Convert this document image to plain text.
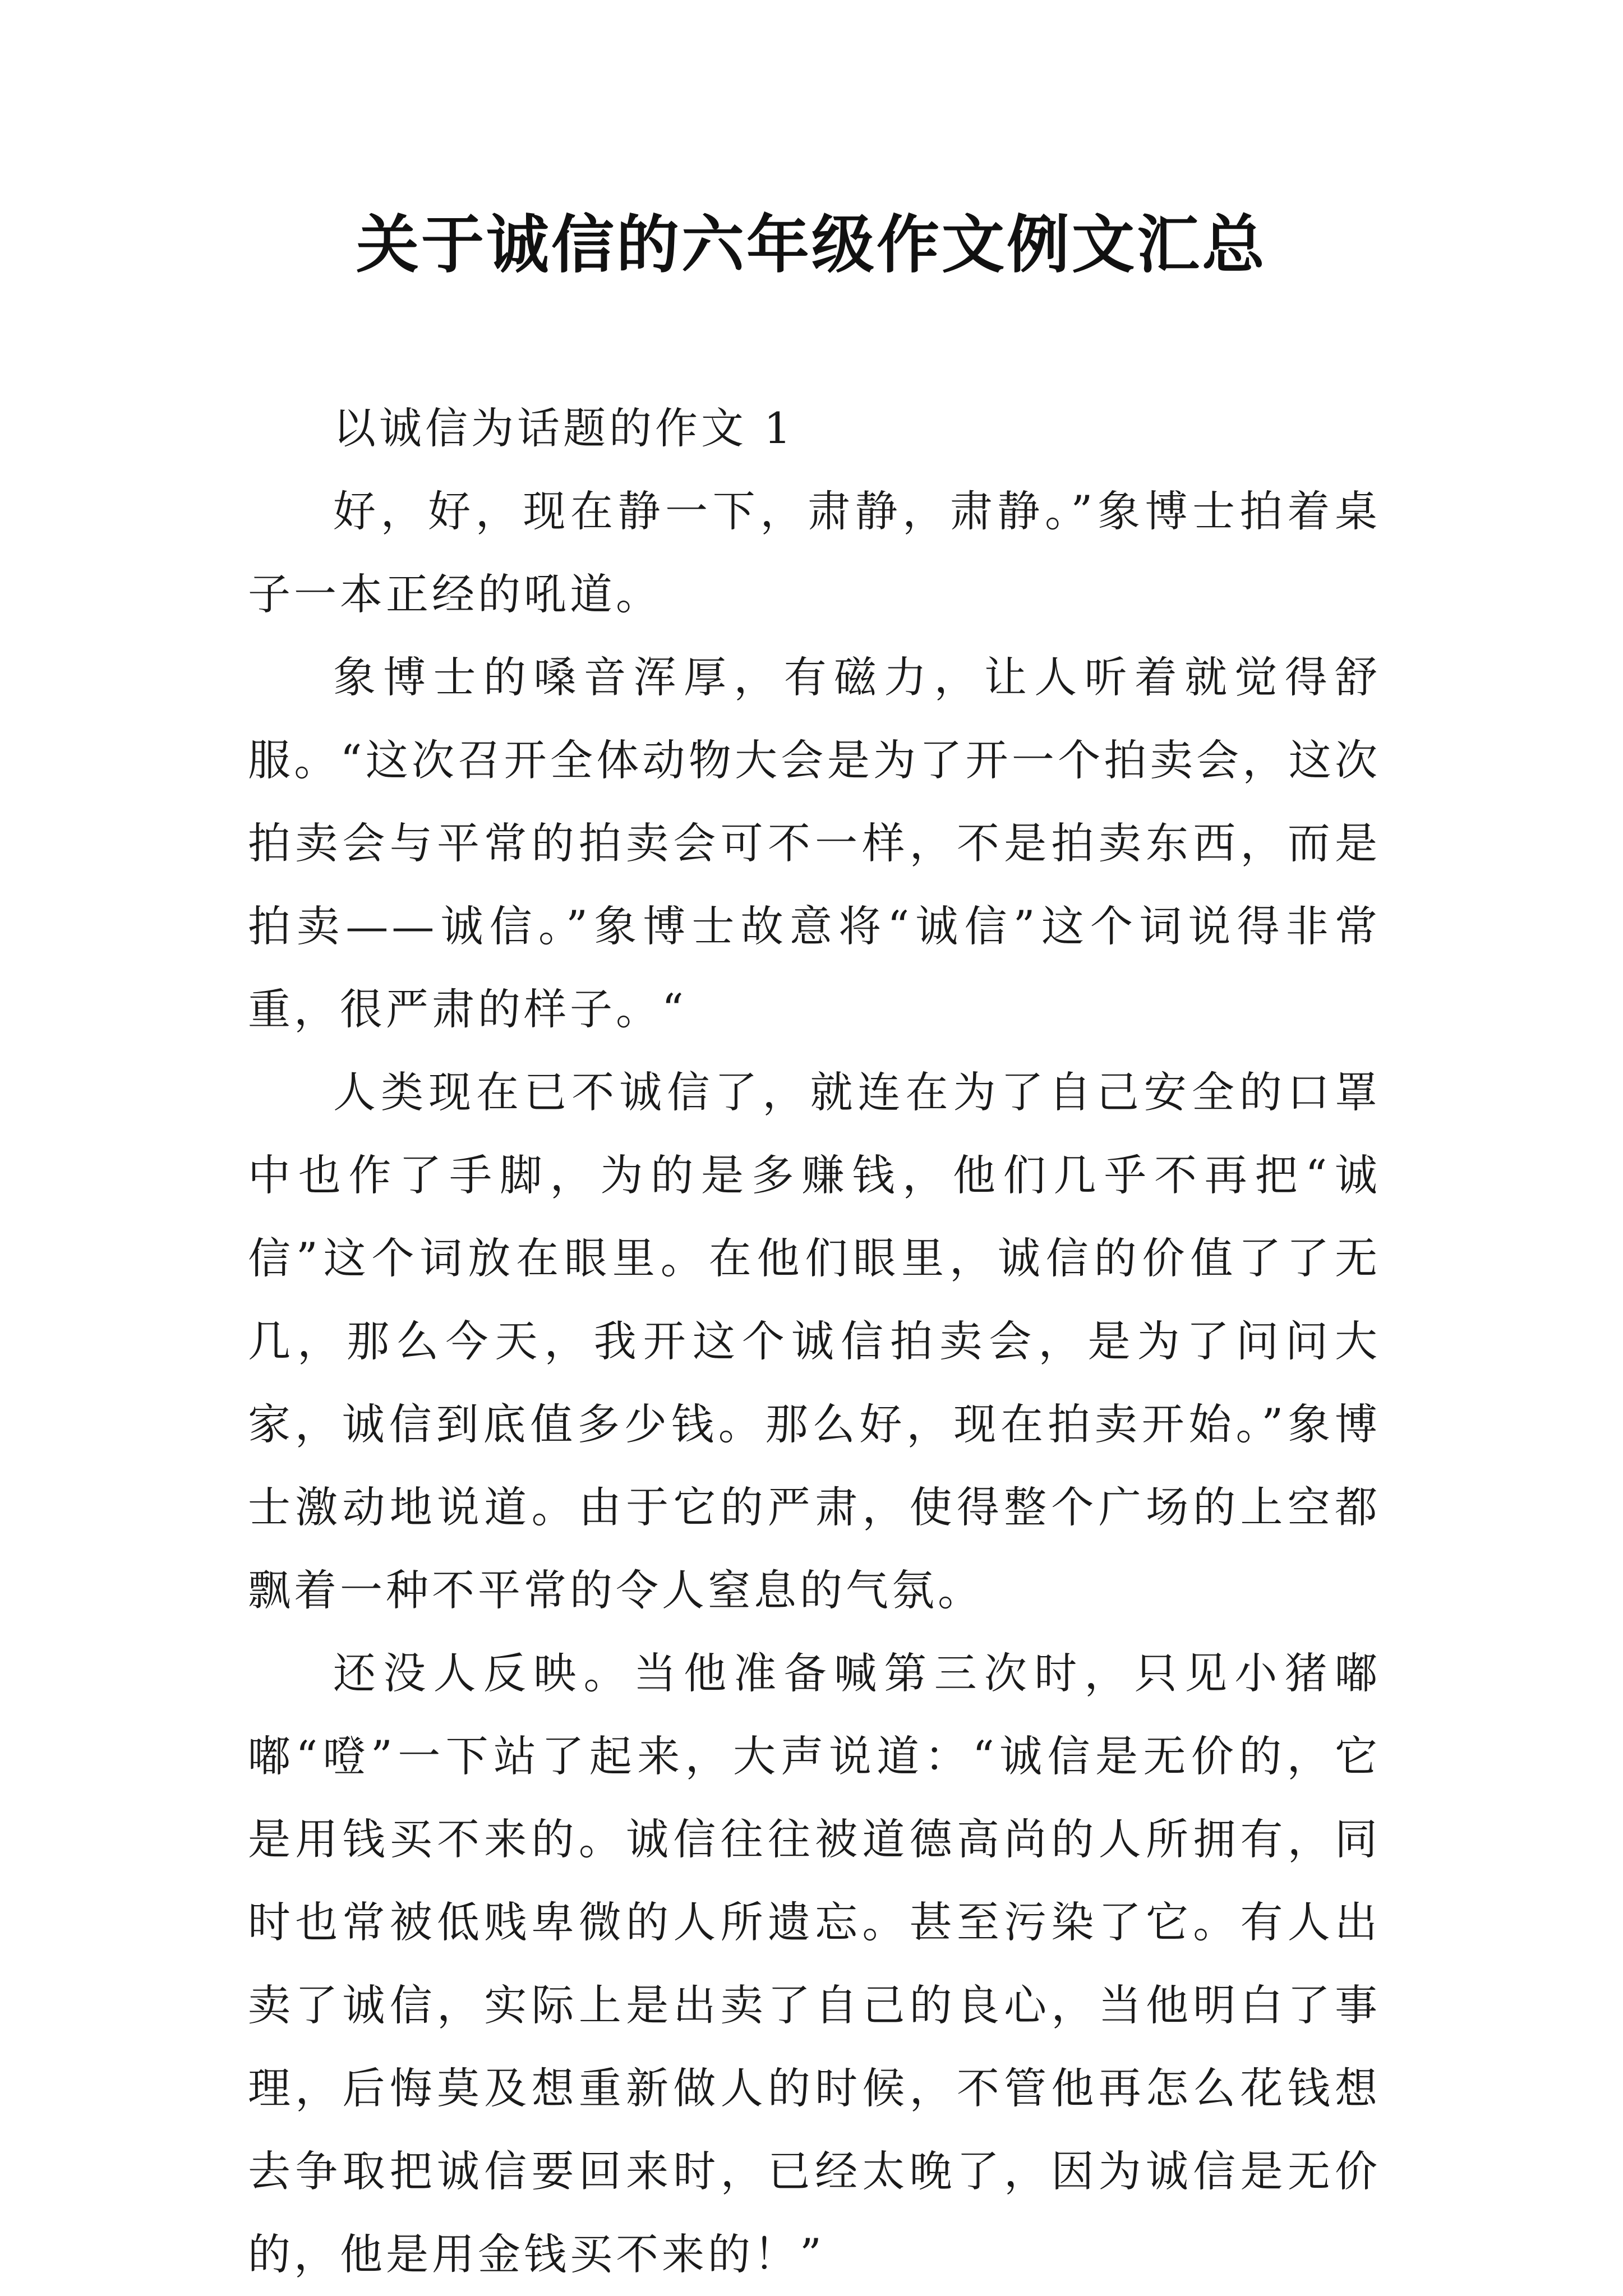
关于诚信的六年级作文例文汇总

以诚信为话题的作文 1

好，好，现在静一下，肃静，肃静。”象博士拍着桌子一本正经的吼道。

象博士的嗓音浑厚，有磁力，让人听着就觉得舒服。“这次召开全体动物大会是为了开一个拍卖会，这次拍卖会与平常的拍卖会可不一样，不是拍卖东西，而是拍卖——诚信。”象博士故意将“诚信”这个词说得非常重，很严肃的样子。“

人类现在已不诚信了，就连在为了自己安全的口罩中也作了手脚，为的是多赚钱，他们几乎不再把“诚信”这个词放在眼里。在他们眼里，诚信的价值了了无几，那么今天，我开这个诚信拍卖会，是为了问问大家，诚信到底值多少钱。那么好，现在拍卖开始。”象博士激动地说道。由于它的严肃，使得整个广场的上空都飘着一种不平常的令人窒息的气氛。

还没人反映。当他准备喊第三次时，只见小猪嘟嘟“噔”一下站了起来，大声说道：“诚信是无价的，它是用钱买不来的。诚信往往被道德高尚的人所拥有，同时也常被低贱卑微的人所遗忘。甚至污染了它。有人出卖了诚信，实际上是出卖了自己的良心，当他明白了事理，后悔莫及想重新做人的时候，不管他再怎么花钱想去争取把诚信要回来时，已经太晚了，因为诚信是无价的，他是用金钱买不来的！”
